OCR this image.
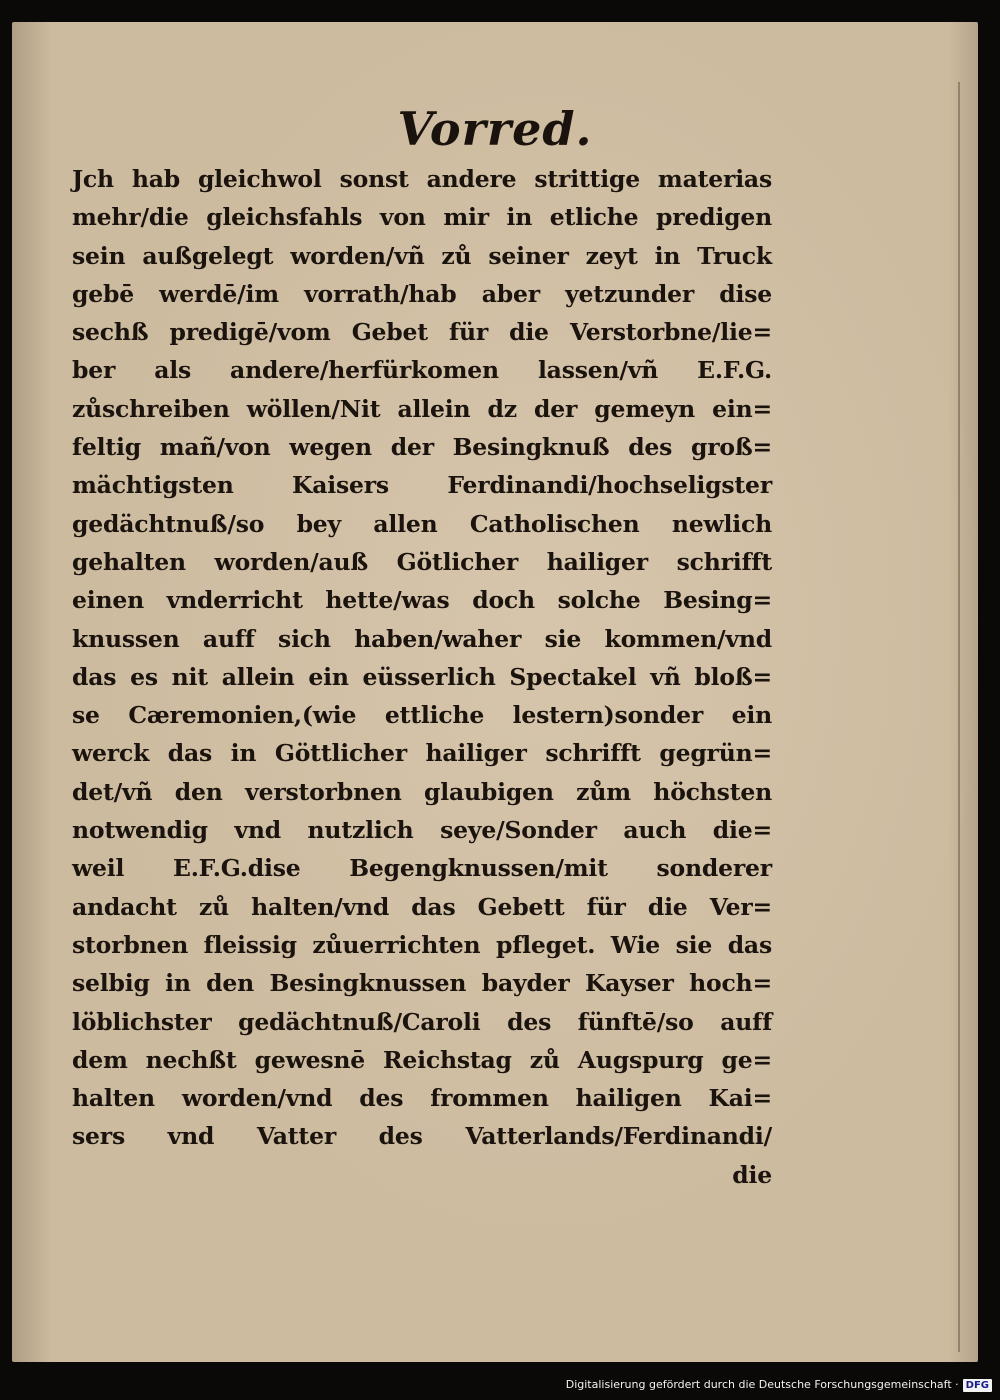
Vorred.
Jch hab gleichwol sonst andere strittige materias
mehr/die gleichsfahls von mir in etliche predigen
sein außgelegt worden/vñ zů seiner zeyt in Truck
gebē werdē/im vorrath/hab aber yetzunder dise
sechß predigē/vom Gebet für die Verstorbne/lie=
ber als andere/herfürkomen lassen/vñ E.F.G.
zůschreiben wöllen/Nit allein dz der gemeyn ein=
feltig mañ/von wegen der Besingknuß des groß=
mächtigsten Kaisers Ferdinandi/hochseligster
gedächtnuß/so bey allen Catholischen newlich
gehalten worden/auß Götlicher hailiger schrifft
einen vnderricht hette/was doch solche Besing=
knussen auff sich haben/waher sie kommen/vnd
das es nit allein ein eüsserlich Spectakel vñ bloß=
se Cæremonien,(wie ettliche lestern)sonder ein
werck das in Göttlicher hailiger schrifft gegrün=
det/vñ den verstorbnen glaubigen zům höchsten
notwendig vnd nutzlich seye/Sonder auch die=
weil E.F.G.dise Begengknussen/mit sonderer
andacht zů halten/vnd das Gebett für die Ver=
storbnen fleissig zůuerrichten pfleget. Wie sie das
selbig in den Besingknussen bayder Kayser hoch=
löblichster gedächtnuß/Caroli des fünftē/so auff
dem nechßt gewesnē Reichstag zů Augspurg ge=
halten worden/vnd des frommen hailigen Kai=
sers vnd Vatter des Vatterlands/Ferdinandi/
die
Digitalisierung gefördert durch die Deutsche Forschungsgemeinschaft · DFG
